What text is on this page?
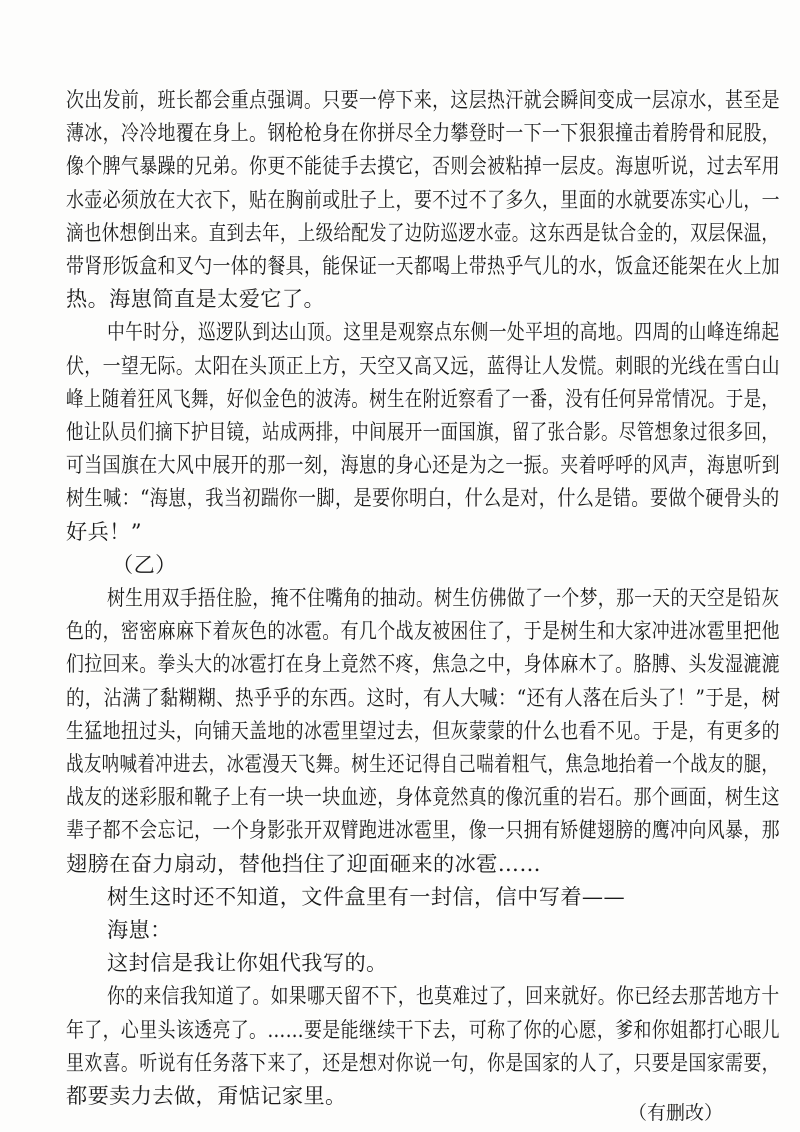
次出发前，班长都会重点强调。只要一停下来，这层热汗就会瞬间变成一层凉水，甚至是
薄冰，冷冷地覆在身上。钢枪枪身在你拼尽全力攀登时一下一下狠狠撞击着胯骨和屁股，
像个脾气暴躁的兄弟。你更不能徒手去摸它，否则会被粘掉一层皮。海崽听说，过去军用
水壶必须放在大衣下，贴在胸前或肚子上，要不过不了多久，里面的水就要冻实心儿，一
滴也休想倒出来。直到去年，上级给配发了边防巡逻水壶。这东西是钛合金的，双层保温，
带肾形饭盒和叉勺一体的餐具，能保证一天都喝上带热乎气儿的水，饭盒还能架在火上加
热。海崽简直是太爱它了。
中午时分，巡逻队到达山顶。这里是观察点东侧一处平坦的高地。四周的山峰连绵起
伏，一望无际。太阳在头顶正上方，天空又高又远，蓝得让人发慌。刺眼的光线在雪白山
峰上随着狂风飞舞，好似金色的波涛。树生在附近察看了一番，没有任何异常情况。于是，
他让队员们摘下护目镜，站成两排，中间展开一面国旗，留了张合影。尽管想象过很多回，
可当国旗在大风中展开的那一刻，海崽的身心还是为之一振。夹着呼呼的风声，海崽听到
树生喊：“海崽，我当初踹你一脚，是要你明白，什么是对，什么是错。要做个硬骨头的
好兵！”
（乙）
树生用双手捂住脸，掩不住嘴角的抽动。树生仿佛做了一个梦，那一天的天空是铅灰
色的，密密麻麻下着灰色的冰雹。有几个战友被困住了，于是树生和大家冲进冰雹里把他
们拉回来。拳头大的冰雹打在身上竟然不疼，焦急之中，身体麻木了。胳膊、头发湿漉漉
的，沾满了黏糊糊、热乎乎的东西。这时，有人大喊：“还有人落在后头了！”于是，树
生猛地扭过头，向铺天盖地的冰雹里望过去，但灰蒙蒙的什么也看不见。于是，有更多的
战友呐喊着冲进去，冰雹漫天飞舞。树生还记得自己喘着粗气，焦急地抬着一个战友的腿，
战友的迷彩服和靴子上有一块一块血迹，身体竟然真的像沉重的岩石。那个画面，树生这
辈子都不会忘记，一个身影张开双臂跑进冰雹里，像一只拥有矫健翅膀的鹰冲向风暴，那
翅膀在奋力扇动，替他挡住了迎面砸来的冰雹……
树生这时还不知道，文件盒里有一封信，信中写着——
海崽：
这封信是我让你姐代我写的。
你的来信我知道了。如果哪天留不下，也莫难过了，回来就好。你已经去那苦地方十
年了，心里头该透亮了。……要是能继续干下去，可称了你的心愿，爹和你姐都打心眼儿
里欢喜。听说有任务落下来了，还是想对你说一句，你是国家的人了，只要是国家需要，
都要卖力去做，甭惦记家里。
（有删改）
